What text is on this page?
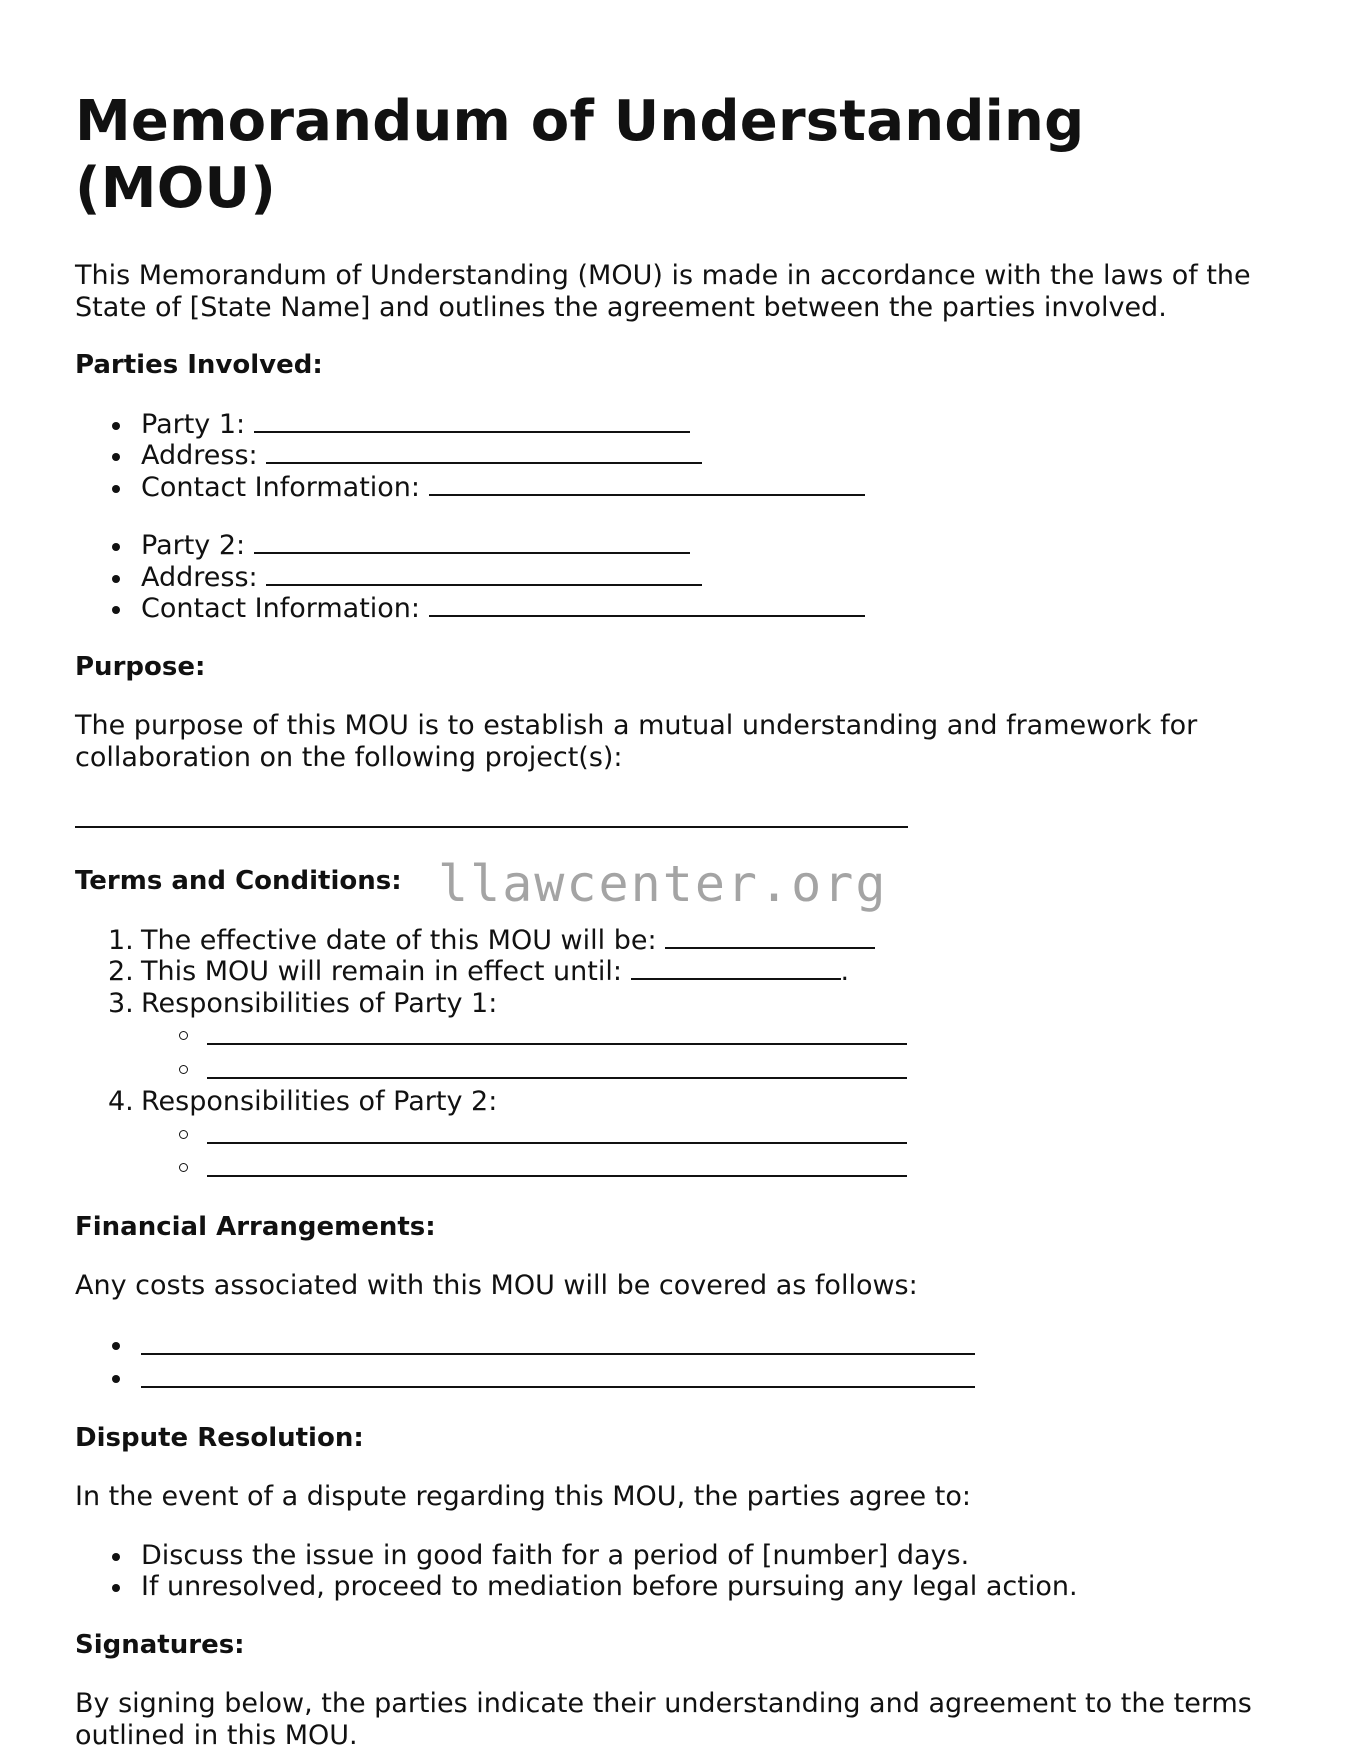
Memorandum of Understanding (MOU)

This Memorandum of Understanding (MOU) is made in accordance with the laws of the State of [State Name] and outlines the agreement between the parties involved.

Parties Involved:
Party 1:
Address:
Contact Information:
Party 2:
Address:
Contact Information:
Purpose:

The purpose of this MOU is to establish a mutual understanding and framework for collaboration on the following project(s):

Terms and Conditions:
1. The effective date of this MOU will be:
2. This MOU will remain in effect until:	.
3. Responsibilities of Party 1:
4. Responsibilities of Party 2:
Financial Arrangements:

Any costs associated with this MOU will be covered as follows:

Dispute Resolution:

In the event of a dispute regarding this MOU, the parties agree to:

Discuss the issue in good faith for a period of [number] days.
If unresolved, proceed to mediation before pursuing any legal action.
Signatures:

By signing below, the parties indicate their understanding and agreement to the terms outlined in this MOU.

llawcenter.org
